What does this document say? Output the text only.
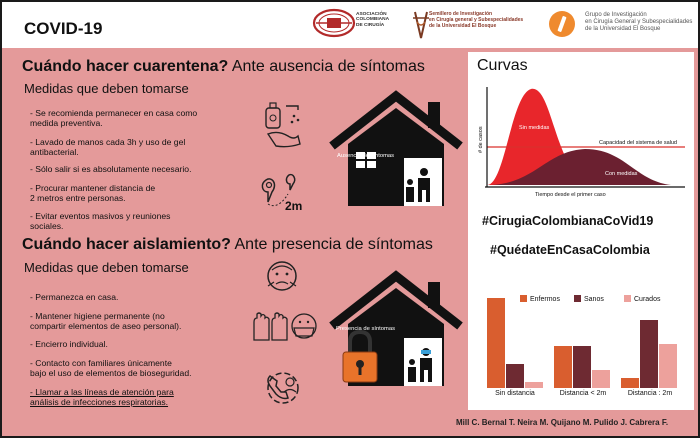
COVID-19
ASOCIACIÓN
COLOMBIANA
DE CIRUGÍA
Semillero de Investigación
en Cirugía general y Subespecialidades
de la Universidad El Bosque
Grupo de Investigación
en Cirugía General y Subespecialidades
de la Universidad El Bosque
Cuándo hacer cuarentena? Ante ausencia de síntomas
Medidas que deben tomarse
- Se recomienda permanecer en casa como
medida preventiva.
- Lavado de manos cada 3h y uso de gel
antibacterial.
- Sólo salir si es absolutamente necesario.
- Procurar mantener distancia de
2 metros entre personas.
- Evitar eventos masivos y reuniones
sociales.
2m
Ausencia de síntomas
Cuándo hacer aislamiento? Ante presencia de síntomas
Medidas que deben tomarse
- Permanezca en casa.
- Mantener higiene permanente (no
compartir elementos de aseo personal).
- Encierro individual.
- Contacto con familiares únicamente
bajo el uso de elementos de bioseguridad.
- Llamar a las líneas de atención para
análisis de infecciones respiratorias.
Presencia de síntomas
Curvas
Sin medidas
Con medidas
Capacidad del sistema de salud
Tiempo desde el primer caso
# de casos
#CirugiaColombianaCoVid19
#QuédateEnCasaColombia
Enfermos	Sanos	Curados
Sin distancia	Distancia < 2m	Distancia : 2m
Mill C. Bernal T. Neira M. Quijano M. Pulido J. Cabrera F.
